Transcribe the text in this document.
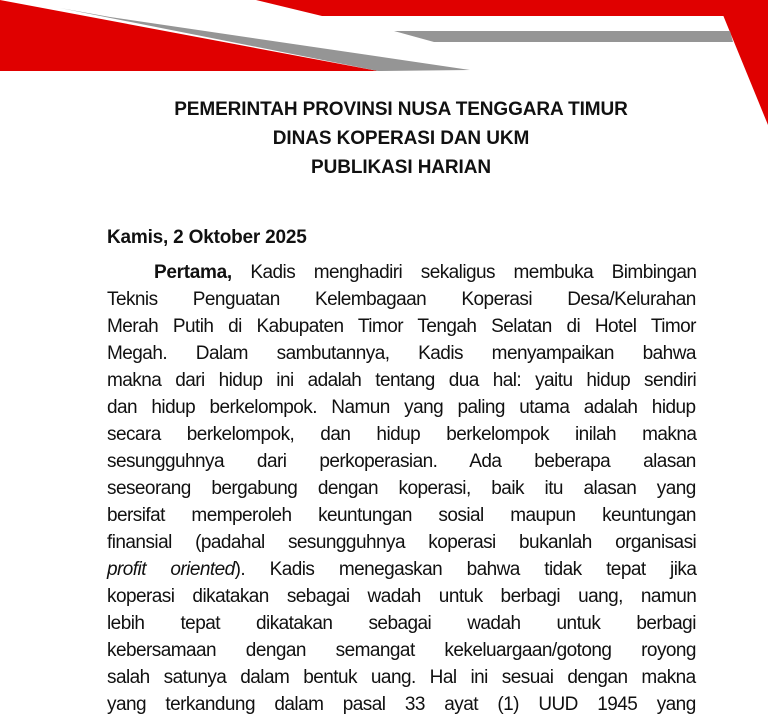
PEMERINTAH PROVINSI NUSA TENGGARA TIMUR
DINAS KOPERASI DAN UKM
PUBLIKASI HARIAN
Kamis, 2 Oktober 2025
Pertama, Kadis menghadiri sekaligus membuka Bimbingan
Teknis Penguatan Kelembagaan Koperasi Desa/Kelurahan
Merah Putih di Kabupaten Timor Tengah Selatan di Hotel Timor
Megah. Dalam sambutannya, Kadis menyampaikan bahwa
makna dari hidup ini adalah tentang dua hal: yaitu hidup sendiri
dan hidup berkelompok. Namun yang paling utama adalah hidup
secara berkelompok, dan hidup berkelompok inilah makna
sesungguhnya dari perkoperasian. Ada beberapa alasan
seseorang bergabung dengan koperasi, baik itu alasan yang
bersifat memperoleh keuntungan sosial maupun keuntungan
finansial (padahal sesungguhnya koperasi bukanlah organisasi
profit oriented). Kadis menegaskan bahwa tidak tepat jika
koperasi dikatakan sebagai wadah untuk berbagi uang, namun
lebih tepat dikatakan sebagai wadah untuk berbagi
kebersamaan dengan semangat kekeluargaan/gotong royong
salah satunya dalam bentuk uang. Hal ini sesuai dengan makna
yang terkandung dalam pasal 33 ayat (1) UUD 1945 yang
